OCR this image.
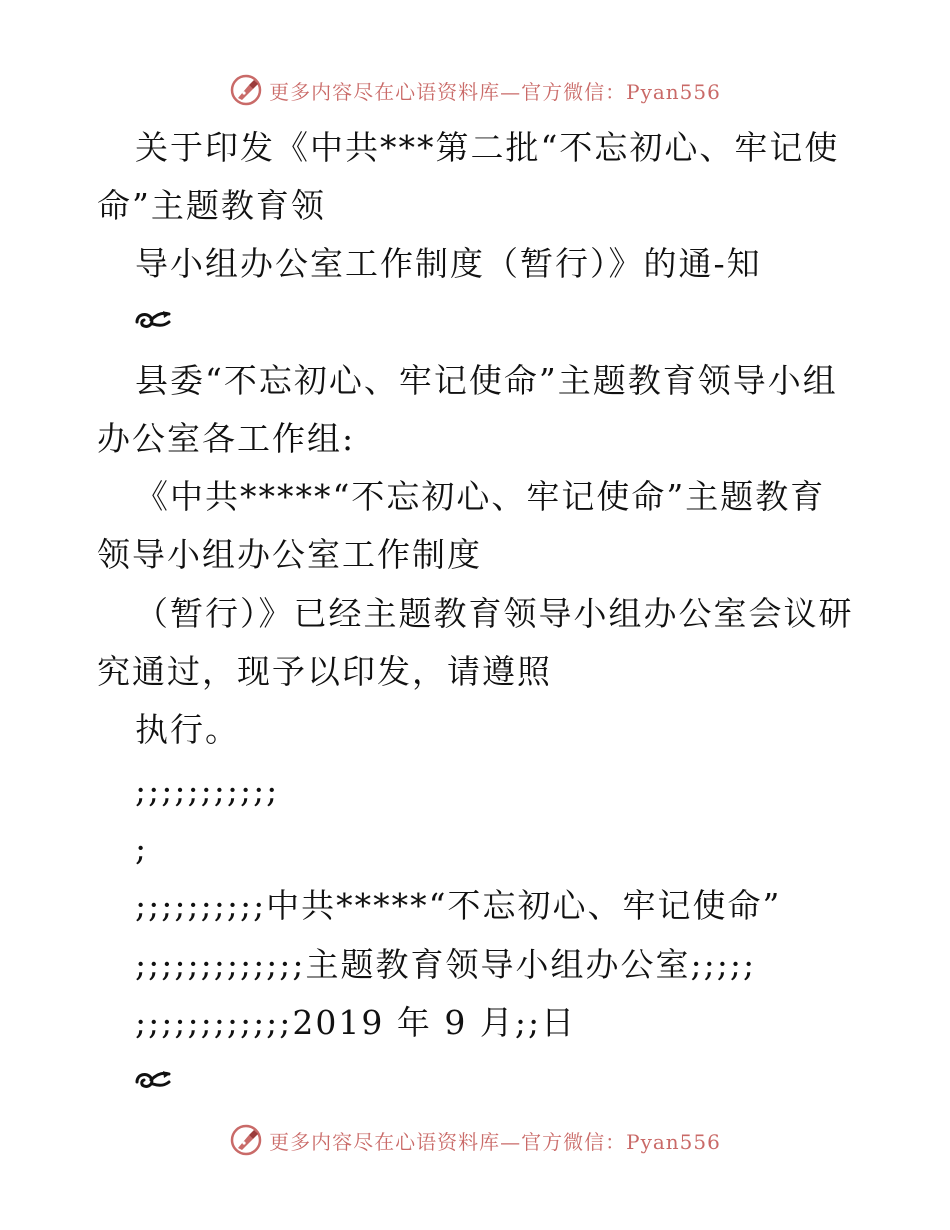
更多内容尽在心语资料库—官方微信：Pyan556
关于印发《中共***第二批“不忘初心、牢记使
命”主题教育领
导小组办公室工作制度（暂行）》的通-知
县委“不忘初心、牢记使命”主题教育领导小组
办公室各工作组:
《中共*****“不忘初心、牢记使命”主题教育
领导小组办公室工作制度
（暂行）》已经主题教育领导小组办公室会议研
究通过，现予以印发，请遵照
执行。
;;;;;;;;;;;
;
;;;;;;;;;;中共*****“不忘初心、牢记使命”
;;;;;;;;;;;;;主题教育领导小组办公室;;;;;
;;;;;;;;;;;;2019 年 9 月;;日
更多内容尽在心语资料库—官方微信：Pyan556
